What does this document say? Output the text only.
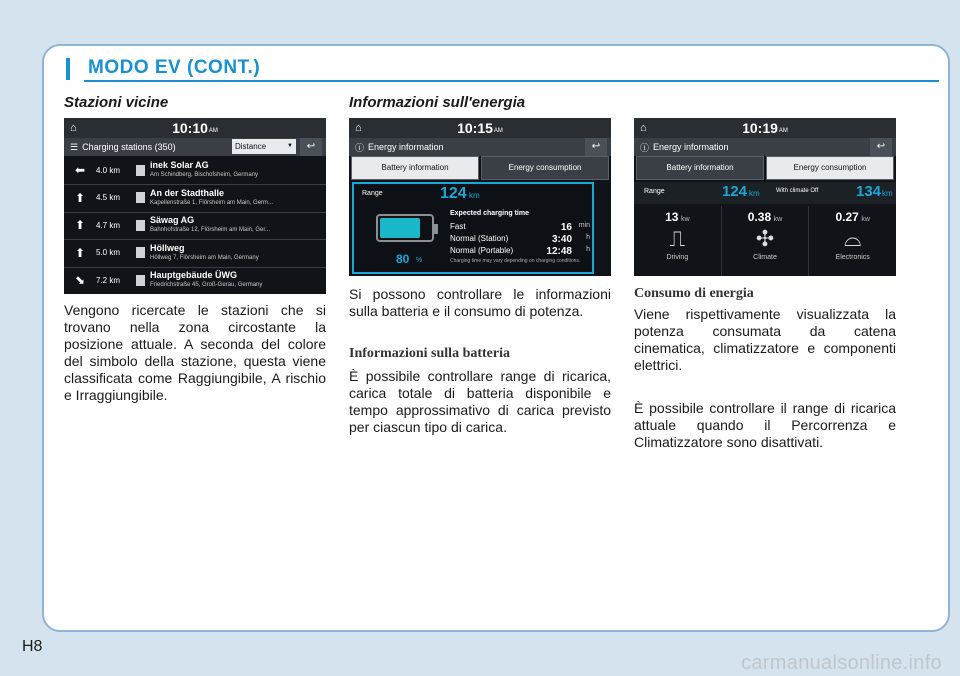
MODO EV (CONT.)
Stazioni vicine
⌂	10:10 AM
☰ Charging stations (350)	Distance	▼	↩
⬅	4.0 km	inek Solar AG
Am Schindberg, Bischofsheim, Germany
⬆	4.5 km	An der Stadthalle
Kapellenstraße 1, Flörsheim am Main, Germ...
⬆	4.7 km	Säwag AG
Bahnhofstraße 12, Flörsheim am Main, Ger...
⬆	5.0 km	Höllweg
Höllweg 7, Flörsheim am Main, Germany
⬊	7.2 km	Hauptgebäude ÜWG
Friedrichstraße 45, Groß-Gerau, Germany
Vengono ricercate le stazioni che si trovano nella zona circostante la posizione attuale. A seconda del colore del simbolo della stazione, questa viene classificata come Raggiungibile, A rischio e Irraggiungibile.
Informazioni sull'energia
⌂	10:15 AM
ⓘ Energy information	↩
Battery information	Energy consumption
Range	124 km
80 %
Expected charging time
Fast	16 min
Normal (Station)	3:40 h
Normal (Portable)	12:48 h
Charging time may vary depending on charging conditions.
Si possono controllare le informazioni sulla batteria e il consumo di potenza.
Informazioni sulla batteria
È possibile controllare range di ricarica, carica totale di batteria disponibile e tempo approssimativo di carica previsto per ciascun tipo di carica.
⌂	10:19 AM
ⓘ Energy information	↩
Battery information	Energy consumption
Range	124 km	With climate Off	134 km
13 kw
⎍
Driving
0.38 kw
✣
Climate
0.27 kw
⌓
Electronics
Consumo di energia
Viene rispettivamente visualizzata la potenza consumata da catena cinematica, climatizzatore e componenti elettrici.
È possibile controllare il range di ricarica attuale quando il Percorrenza e Climatizzatore sono disattivati.
H8
carmanualsonline.info
